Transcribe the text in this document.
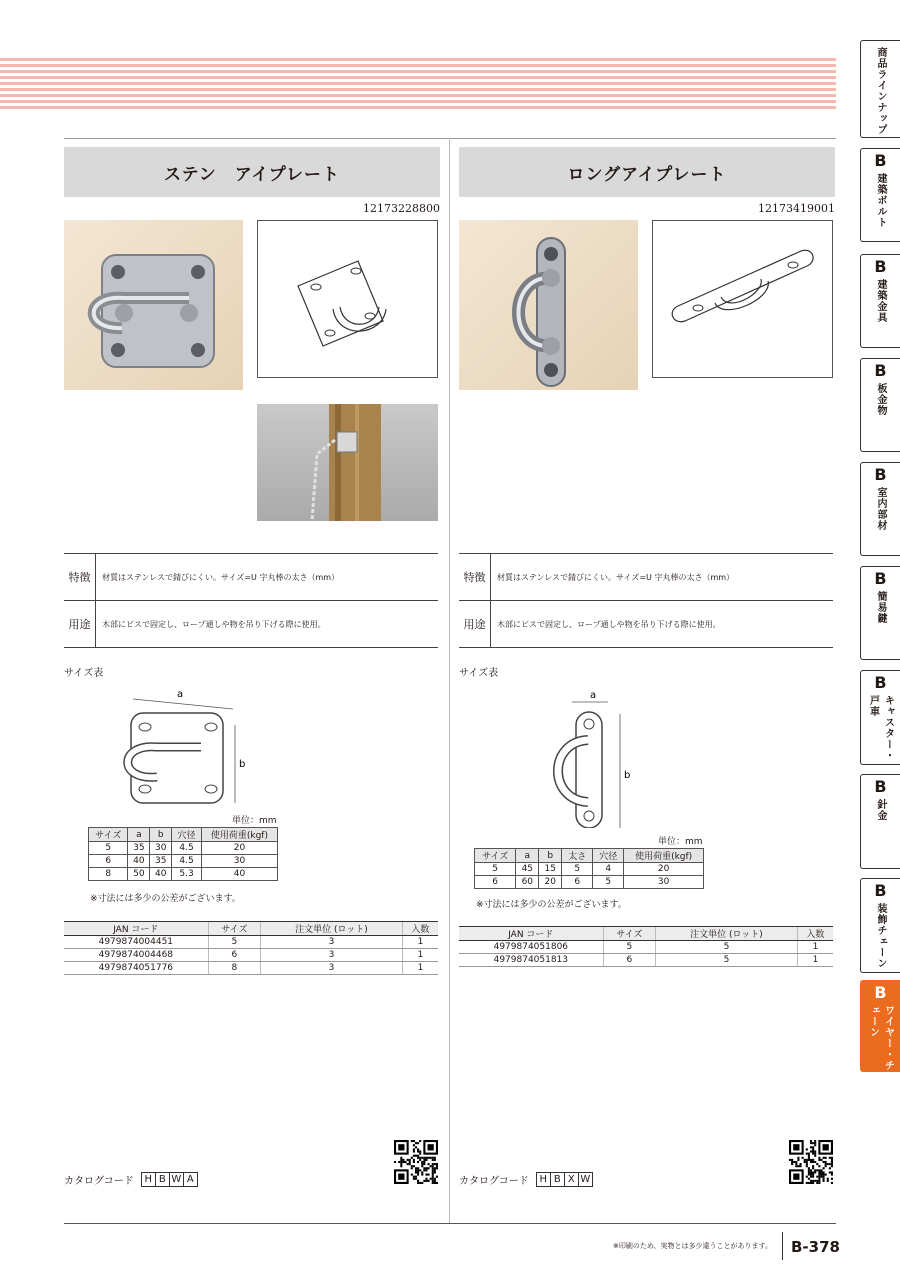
ステン　アイプレート
12173228800
特徴	材質はステンレスで錆びにくい。サイズ=U 字丸棒の太さ（mm）
用途	木部にビスで固定し、ロープ通しや物を吊り下げる際に使用。
サイズ表
a
b
単位：mm
サイズ	a	b	穴径	使用荷重(kgf)
5	35	30	4.5	20
6	40	35	4.5	30
8	50	40	5.3	40
※寸法には多少の公差がございます。
JAN コード	サイズ	注文単位 (ロット)	入数
4979874004451	5	3	1
4979874004468	6	3	1
4979874051776	8	3	1
カタログコード H B W A
ロングアイプレート
12173419001
特徴	材質はステンレスで錆びにくい。サイズ=U 字丸棒の太さ（mm）
用途	木部にビスで固定し、ロープ通しや物を吊り下げる際に使用。
サイズ表
a
b
単位：mm
サイズ	a	b	太さ	穴径	使用荷重(kgf)
5	45	15	5	4	20
6	60	20	6	5	30
※寸法には多少の公差がございます。
JAN コード	サイズ	注文単位 (ロット)	入数
4979874051806	5	5	1
4979874051813	6	5	1
カタログコード H B X W
※印刷のため、実物とは多少違うことがあります。	B-378
商品ラインナップ
B
建築ボルト
B
建築金具
B
板金物
B
室内部材
B
簡易鍵
B
キャスター・戸車
B
針金
B
装飾チェーン
B
ワイヤー・チェーン
